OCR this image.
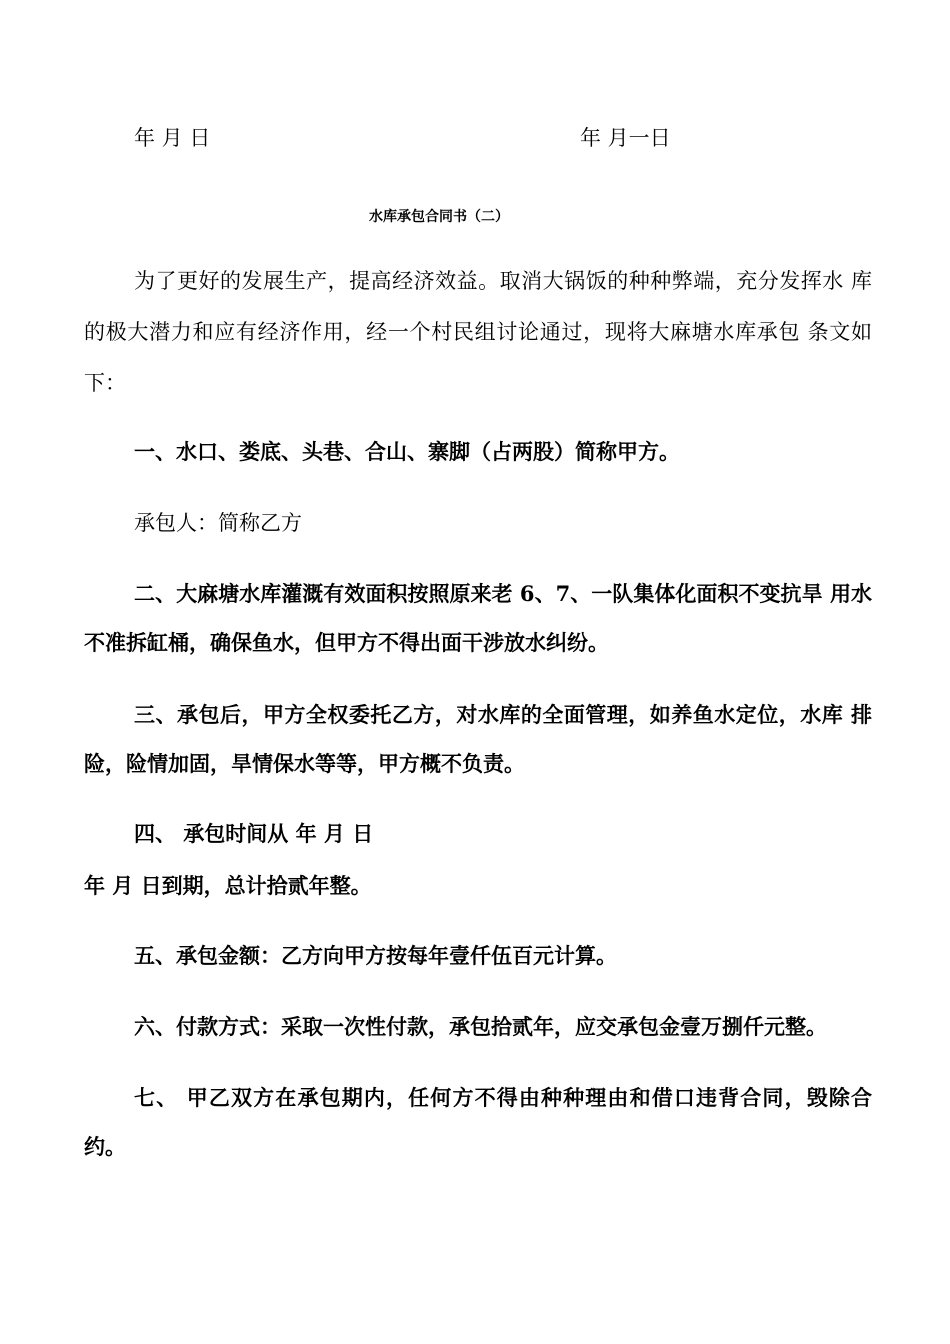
年 月 日	年 月一日
水库承包合同书（二）
为了更好的发展生产，提高经济效益。取消大锅饭的种种弊端，充分发挥水 库
的极大潜力和应有经济作用，经一个村民组讨论通过，现将大麻塘水库承包 条文如
下：
一、水口、娄底、头巷、合山、寨脚（占两股）简称甲方。
承包人：简称乙方
二、大麻塘水库灌溉有效面积按照原来老 6、7、一队集体化面积不变抗旱 用水
不准拆缸桶，确保鱼水，但甲方不得出面干涉放水纠纷。
三、承包后，甲方全权委托乙方，对水库的全面管理，如养鱼水定位，水库 排
险，险情加固，旱情保水等等，甲方概不负责。
四、 承包时间从 年 月 日
年 月 日到期，总计拾贰年整。
五、承包金额：乙方向甲方按每年壹仟伍百元计算。
六、付款方式：采取一次性付款，承包拾贰年，应交承包金壹万捌仟元整。
七、 甲乙双方在承包期内，任何方不得由种种理由和借口违背合同，毁除合
约。
